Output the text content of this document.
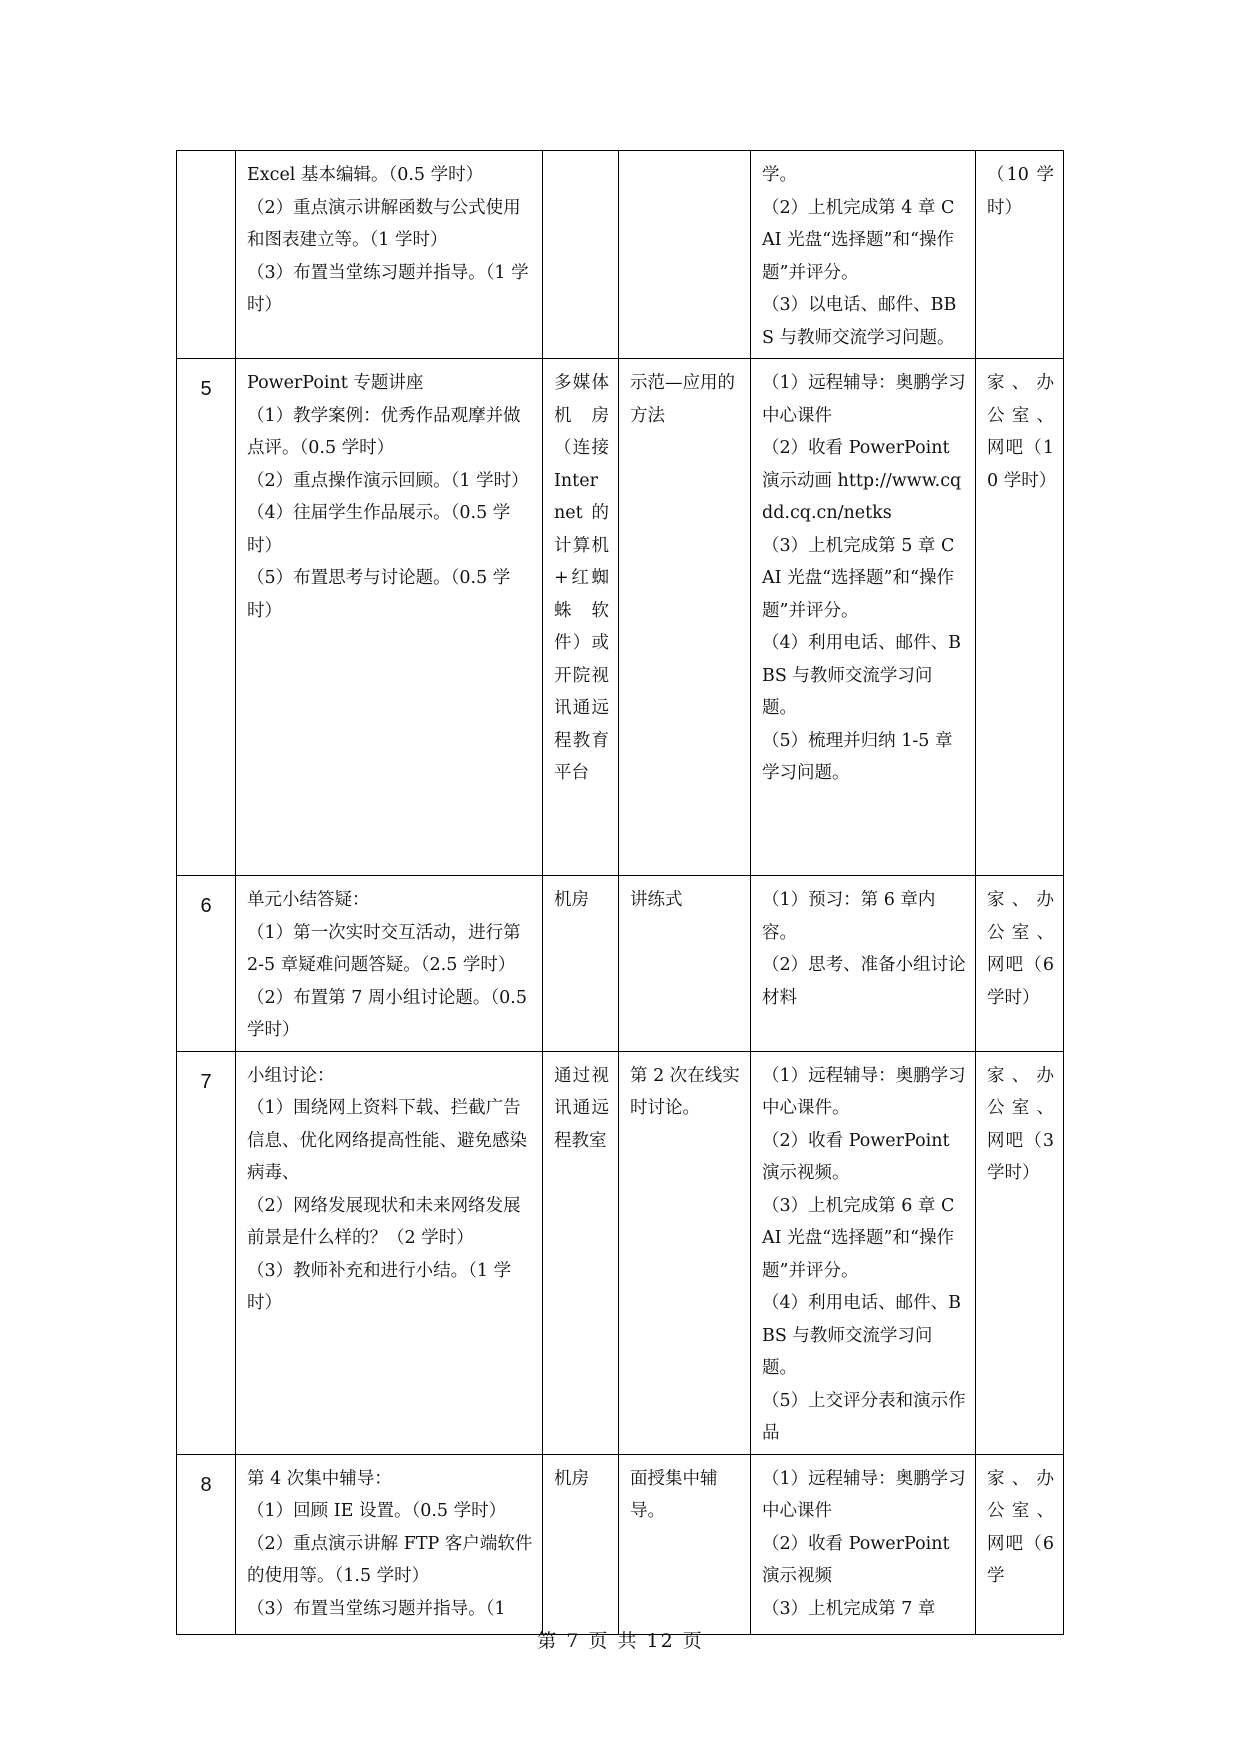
	Excel 基本编辑。（0.5 学时）
（2）重点演示讲解函数与公式使用和图表建立等。（1 学时）
（3）布置当堂练习题并指导。（1 学时）			学。
（2）上机完成第 4 章 CAI 光盘“选择题”和“操作题”并评分。
（3）以电话、邮件、BBS 与教师交流学习问题。	（10 学时）
5	PowerPoint 专题讲座
（1）教学案例：优秀作品观摩并做点评。（0.5 学时）
（2）重点操作演示回顾。（1 学时）
（4）往届学生作品展示。（0.5 学时）
（5）布置思考与讨论题。（0.5 学时）	多媒体机房（连接 Internet 的计算机+红蜘蛛软件）或开院视讯通远程教育平台	示范—应用的方法	（1）远程辅导：奥鹏学习中心课件
（2）收看 PowerPoint 演示动画 http://www.cqdd.cq.cn/netks
（3）上机完成第 5 章 CAI 光盘“选择题”和“操作题”并评分。
（4）利用电话、邮件、BBS 与教师交流学习问题。
（5）梳理并归纳 1-5 章学习问题。	家、办公室、网吧（10 学时）
6	单元小结答疑：
（1）第一次实时交互活动，进行第 2-5 章疑难问题答疑。（2.5 学时）
（2）布置第 7 周小组讨论题。（0.5 学时）	机房	讲练式	（1）预习：第 6 章内容。
（2）思考、准备小组讨论材料	家、办公室、网吧（6 学时）
7	小组讨论：
（1）围绕网上资料下载、拦截广告信息、优化网络提高性能、避免感染病毒、
（2）网络发展现状和未来网络发展前景是什么样的？（2 学时）
（3）教师补充和进行小结。（1 学时）	通过视讯通远程教室	第 2 次在线实时讨论。	（1）远程辅导：奥鹏学习中心课件。
（2）收看 PowerPoint 演示视频。
（3）上机完成第 6 章 CAI 光盘“选择题”和“操作题”并评分。
（4）利用电话、邮件、BBS 与教师交流学习问题。
（5）上交评分表和演示作品	家、办公室、网吧（3 学时）
8	第 4 次集中辅导：
（1）回顾 IE 设置。（0.5 学时）
（2）重点演示讲解 FTP 客户端软件的使用等。（1.5 学时）
（3）布置当堂练习题并指导。（1	机房	面授集中辅导。	（1）远程辅导：奥鹏学习中心课件
（2）收看 PowerPoint 演示视频
（3）上机完成第 7 章	家、办公室、网吧（6 学
第 7 页 共 12 页
